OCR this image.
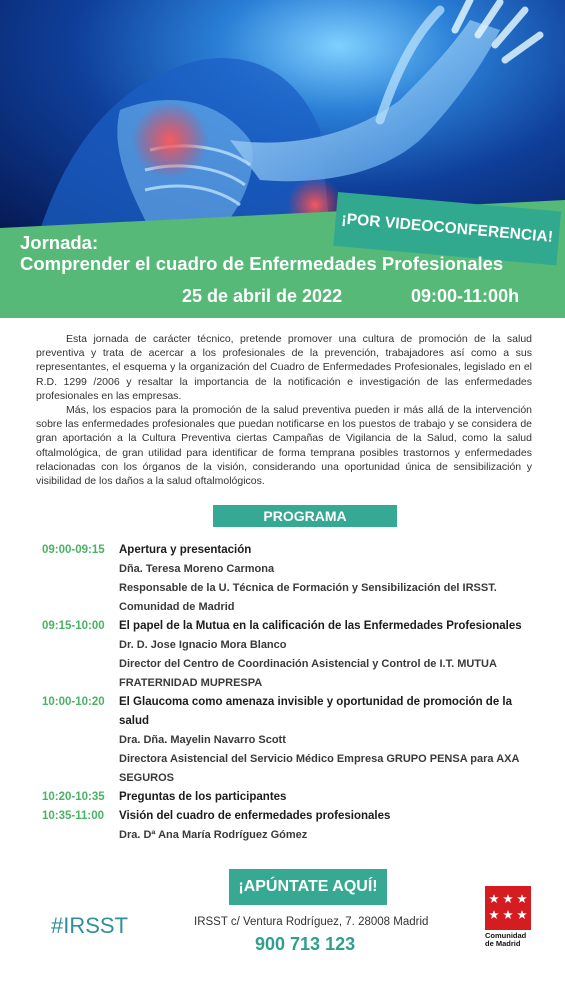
¡POR VIDEOCONFERENCIA!
Jornada:
Comprender el cuadro de Enfermedades Profesionales
25 de abril de 2022	09:00-11:00h

Esta jornada de carácter técnico, pretende promover una cultura de promoción de la salud preventiva y trata de acercar a los profesionales de la prevención, trabajadores así como a sus representantes, el esquema y la organización del Cuadro de Enfermedades Profesionales, legislado en el R.D. 1299 /2006 y resaltar la importancia de la notificación e investigación de las enfermedades profesionales en las empresas.

Más, los espacios para la promoción de la salud preventiva pueden ir más allá de la intervención sobre las enfermedades profesionales que puedan notificarse en los puestos de trabajo y se considera de gran aportación a la Cultura Preventiva ciertas Campañas de Vigilancia de la Salud, como la salud oftalmológica, de gran utilidad para identificar de forma temprana posibles trastornos y enfermedades relacionadas con los órganos de la visión, considerando una oportunidad única de sensibilización y visibilidad de los daños a la salud oftalmológicos.

PROGRAMA
09:00-09:15	Apertura y presentación
Dña. Teresa Moreno Carmona
Responsable de la U. Técnica de Formación y Sensibilización del IRSST. Comunidad de Madrid
09:15-10:00	El papel de la Mutua en la calificación de las Enfermedades Profesionales
Dr. D. Jose Ignacio Mora Blanco
Director del Centro de Coordinación Asistencial y Control de I.T. MUTUA FRATERNIDAD MUPRESPA
10:00-10:20	El Glaucoma como amenaza invisible y oportunidad de promoción de la salud
Dra. Dña. Mayelin Navarro Scott
Directora Asistencial del Servicio Médico Empresa GRUPO PENSA para AXA SEGUROS
10:20-10:35	Preguntas de los participantes
10:35-11:00	Visión del cuadro de enfermedades profesionales
Dra. Dª Ana María Rodríguez Gómez
¡APÚNTATE AQUÍ!
#IRSST	IRSST c/ Ventura Rodríguez, 7. 28008 Madrid
900 713 123	Comunidad
de Madrid
